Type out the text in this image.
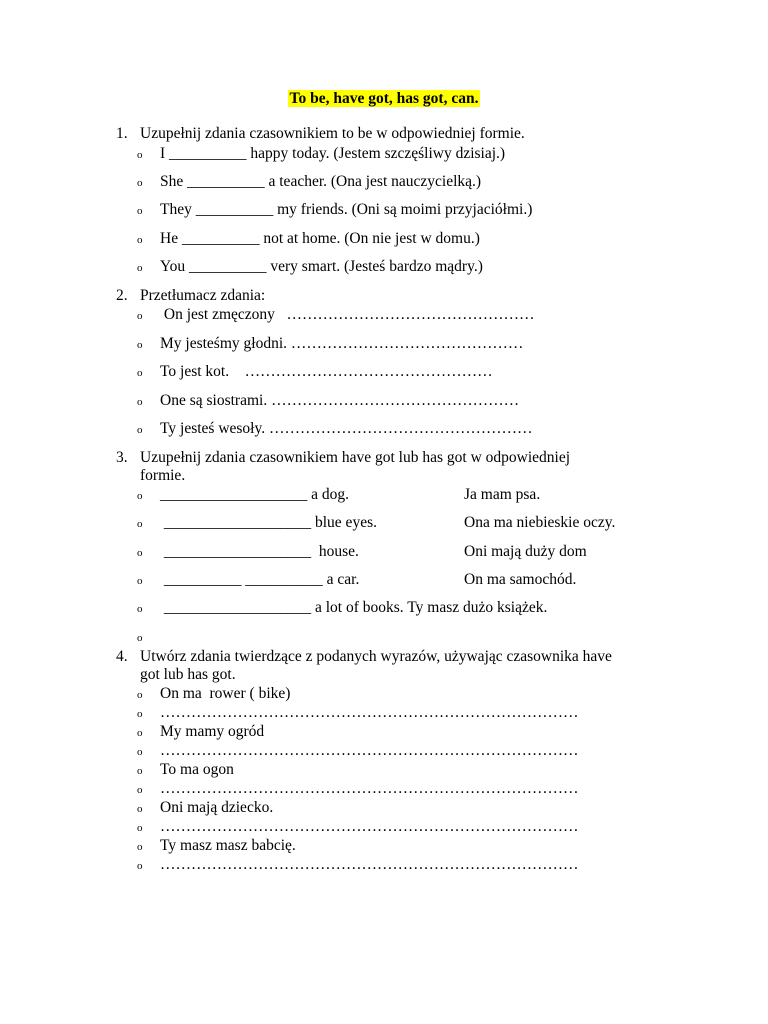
To be, have got, has got, can.
1. Uzupełnij zdania czasownikiem to be w odpowiedniej formie.
o I __________ happy today. (Jestem szczęśliwy dzisiaj.)
o She __________ a teacher. (Ona jest nauczycielką.)
o They __________ my friends. (Oni są moimi przyjaciółmi.)
o He __________ not at home. (On nie jest w domu.)
o You __________ very smart. (Jesteś bardzo mądry.)
2. Przetłumacz zdania:
o On jest zmęczony   …………………………………………
o My jesteśmy głodni. ………………………………………
o To jest kot.    …………………………………………
o One są siostrami. …………………………………………
o Ty jesteś wesoły. ……………………………………………
3. Uzupełnij zdania czasownikiem have got lub has got w odpowiedniej
formie.
o ___________________ a dog.	Ja mam psa.
o ___________________ blue eyes.	Ona ma niebieskie oczy.
o ___________________  house.	Oni mają duży dom
o __________ __________ a car.	On ma samochód.
o ___________________ a lot of books. Ty masz dużo książek.
o
4. Utwórz zdania twierdzące z podanych wyrazów, używając czasownika have
got lub has got.
o On ma  rower ( bike)
o ………………………………………………………………………
o My mamy ogród
o ………………………………………………………………………
o To ma ogon
o ………………………………………………………………………
o Oni mają dziecko.
o ………………………………………………………………………
o Ty masz masz babcię.
o ………………………………………………………………………
